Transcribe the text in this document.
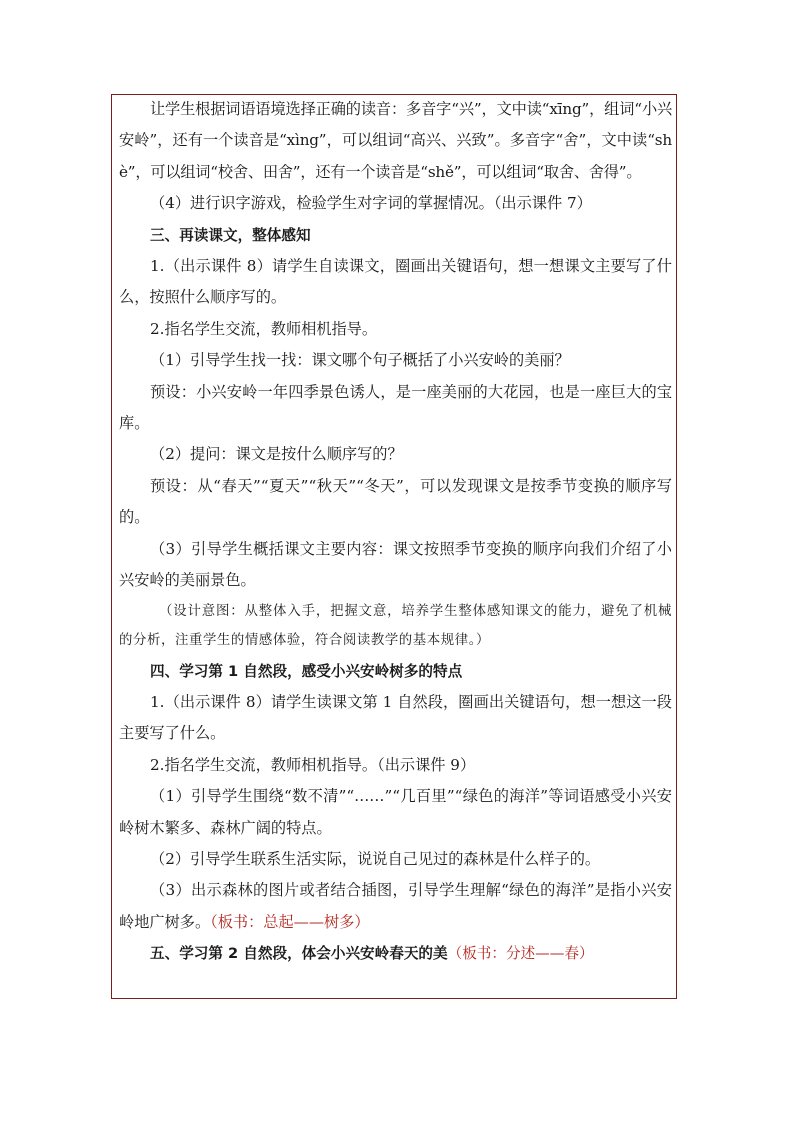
让学生根据词语语境选择正确的读音：多音字“兴”，文中读“xīng”，组词“小兴安岭”，还有一个读音是“xìng”，可以组词“高兴、兴致”。多音字“舍”，文中读“shè”，可以组词“校舍、田舍”，还有一个读音是“shě”，可以组词“取舍、舍得”。

（4）进行识字游戏，检验学生对字词的掌握情况。（出示课件 7）

三、再读课文，整体感知

1.（出示课件 8）请学生自读课文，圈画出关键语句，想一想课文主要写了什么，按照什么顺序写的。

2.指名学生交流，教师相机指导。

（1）引导学生找一找：课文哪个句子概括了小兴安岭的美丽？

预设：小兴安岭一年四季景色诱人，是一座美丽的大花园，也是一座巨大的宝库。

（2）提问：课文是按什么顺序写的？

预设：从“春天”“夏天”“秋天”“冬天”，可以发现课文是按季节变换的顺序写的。

（3）引导学生概括课文主要内容：课文按照季节变换的顺序向我们介绍了小兴安岭的美丽景色。

（设计意图：从整体入手，把握文意，培养学生整体感知课文的能力，避免了机械的分析，注重学生的情感体验，符合阅读教学的基本规律。）

四、学习第 1 自然段，感受小兴安岭树多的特点

1.（出示课件 8）请学生读课文第 1 自然段，圈画出关键语句，想一想这一段主要写了什么。

2.指名学生交流，教师相机指导。（出示课件 9）

（1）引导学生围绕“数不清”“……”“几百里”“绿色的海洋”等词语感受小兴安岭树木繁多、森林广阔的特点。

（2）引导学生联系生活实际，说说自己见过的森林是什么样子的。

（3）出示森林的图片或者结合插图，引导学生理解“绿色的海洋”是指小兴安岭地广树多。（板书：总起——树多）

五、学习第 2 自然段，体会小兴安岭春天的美（板书：分述——春）
